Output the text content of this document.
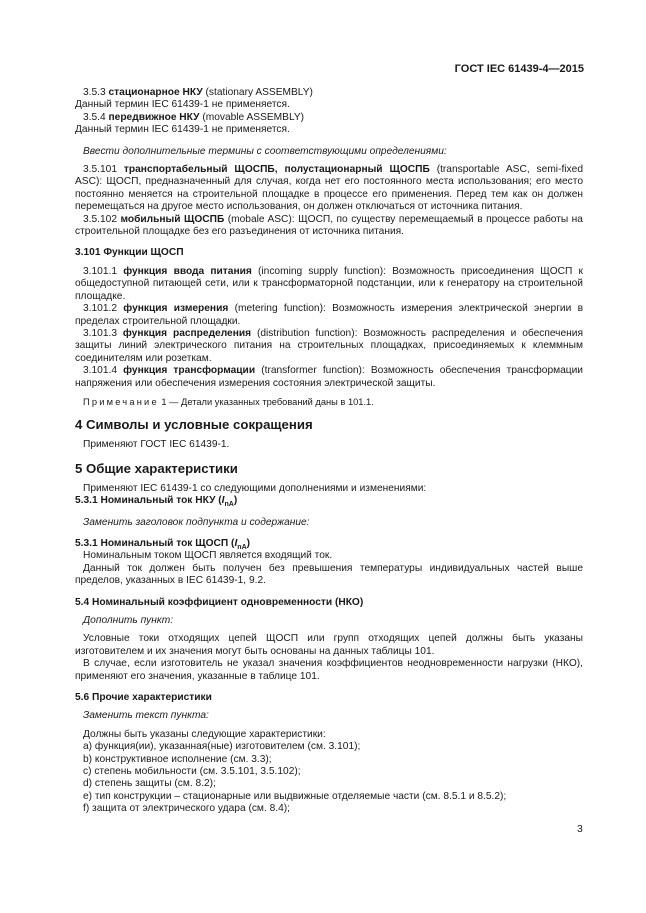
ГОСТ IEC 61439-4—2015

3.5.3 стационарное НКУ (stationary ASSEMBLY)

Данный термин IEC 61439-1 не применяется.

3.5.4 передвижное НКУ (movable ASSEMBLY)

Данный термин IEC 61439-1 не применяется.

Ввести дополнительные термины с соответствующими определениями:

3.5.101 транспортабельный ЩОСПБ, полустационарный ЩОСПБ (transportable ASC, semi-fixed ASC): ЩОСП, предназначенный для случая, когда нет его постоянного места использования; его место постоянно меняется на строительной площадке в процессе его применения. Перед тем как он должен перемещаться на другое место использования, он должен отключаться от источника питания.

3.5.102 мобильный ЩОСПБ (mobale ASC): ЩОСП, по существу перемещаемый в процессе работы на строительной площадке без его разъединения от источника питания.

3.101 Функции ЩОСП

3.101.1 функция ввода питания (incoming supply function): Возможность присоединения ЩОСП к общедоступной питающей сети, или к трансформаторной подстанции, или к генератору на строительной площадке.

3.101.2 функция измерения (metering function): Возможность измерения электрической энергии в пределах строительной площадки.

3.101.3 функция распределения (distribution function): Возможность распределения и обеспечения защиты линий электрического питания на строительных площадках, присоединяемых к клеммным соединителям или розеткам.

3.101.4 функция трансформации (transformer function): Возможность обеспечения трансформации напряжения или обеспечения измерения состояния электрической защиты.

Примечание 1 — Детали указанных требований даны в 101.1.

4 Символы и условные сокращения

Применяют ГОСТ IEC 61439-1.

5 Общие характеристики

Применяют IEC 61439-1 со следующими дополнениями и изменениями:

5.3.1 Номинальный ток НКУ $(I_{nA})$

Заменить заголовок подпункта и содержание:

5.3.1 Номинальный ток ЩОСП $(I_{nA})$

Номинальным током ЩОСП является входящий ток.

Данный ток должен быть получен без превышения температуры индивидуальных частей выше пределов, указанных в IEC 61439-1, 9.2.

5.4 Номинальный коэффициент одновременности (НКО)

Дополнить пункт:

Условные токи отходящих цепей ЩОСП или групп отходящих цепей должны быть указаны изготовителем и их значения могут быть основаны на данных таблицы 101.

В случае, если изготовитель не указал значения коэффициентов неодновременности нагрузки (НКО), применяют его значения, указанные в таблице 101.

5.6 Прочие характеристики

Заменить текст пункта:

Должны быть указаны следующие характеристики:

a) функция(ии), указанная(ные) изготовителем (см. 3.101);

b) конструктивное исполнение (см. 3.3);

c) степень мобильности (см. 3.5.101, 3.5.102);

d) степень защиты (см. 8.2);

e) тип конструкции – стационарные или выдвижные отделяемые части (см. 8.5.1 и 8.5.2);

f) защита от электрического удара (см. 8.4);

3
